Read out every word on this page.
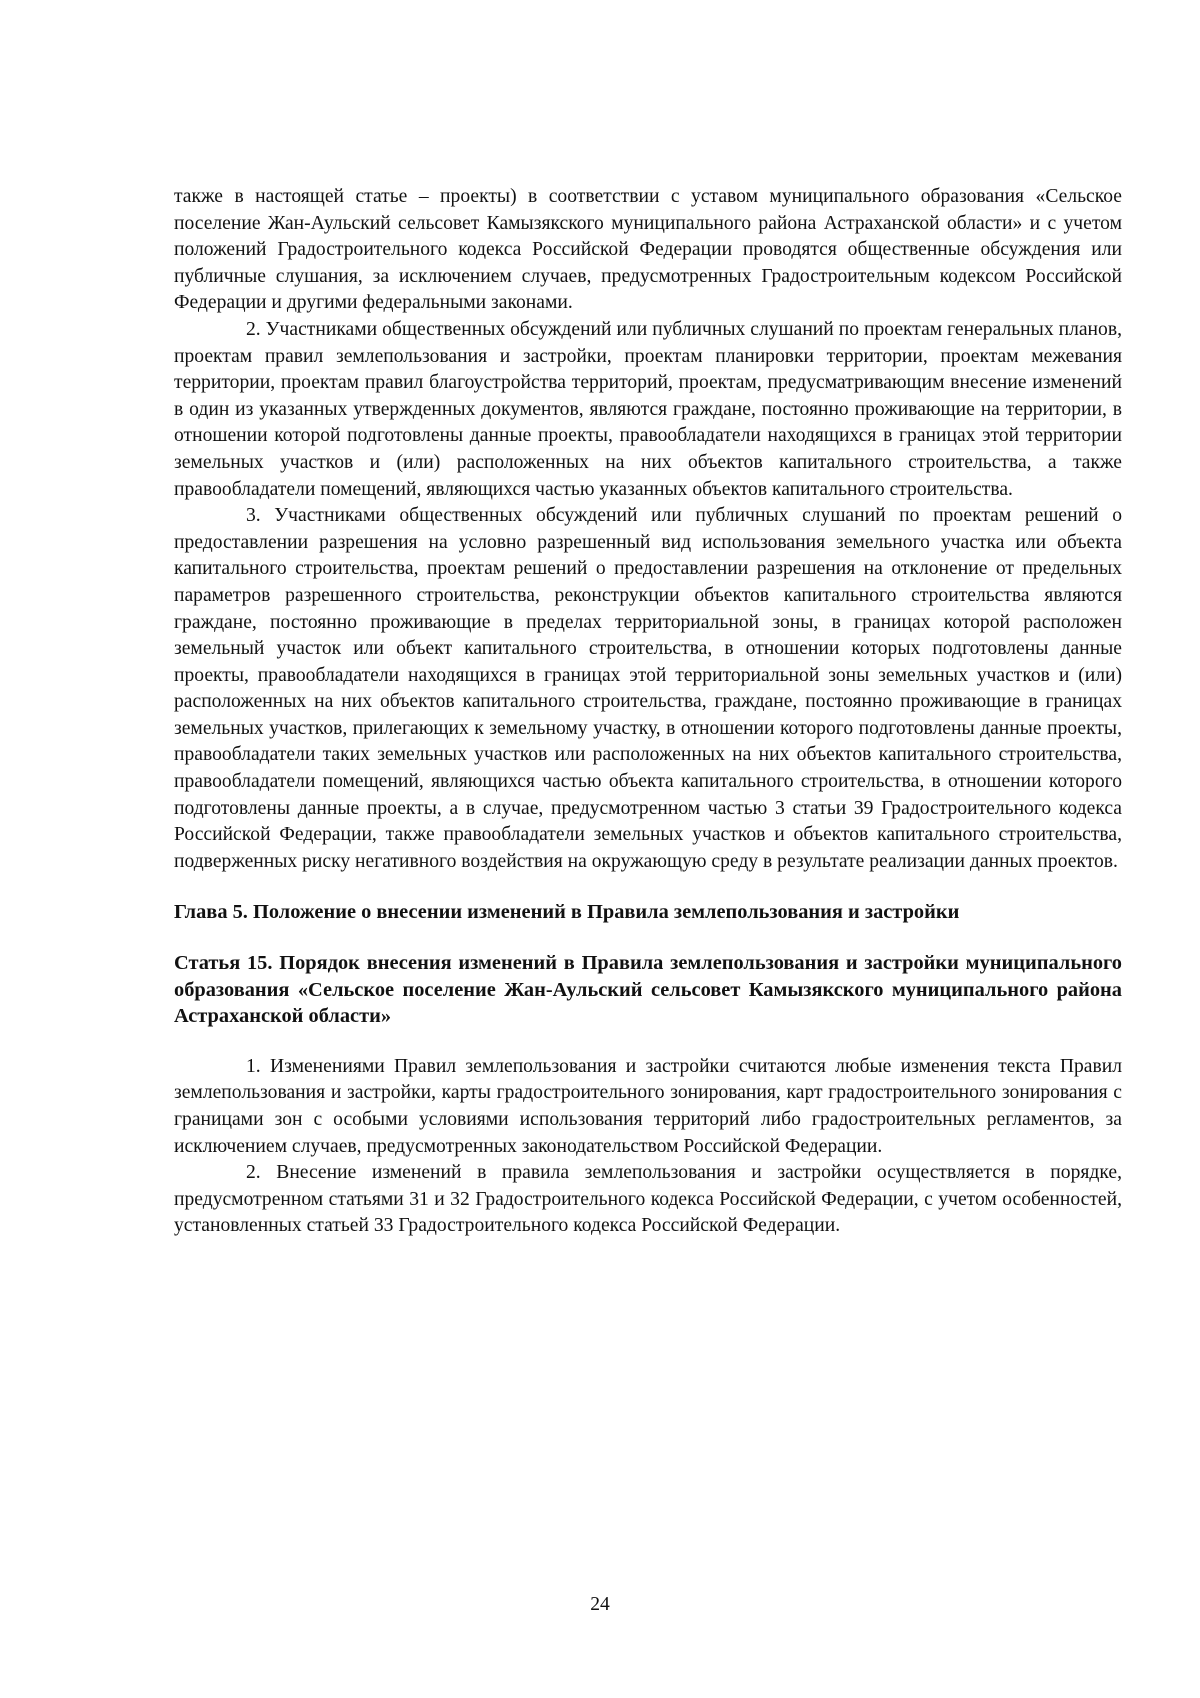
также в настоящей статье – проекты) в соответствии с уставом муниципального образования «Сельское поселение Жан-Аульский сельсовет Камызякского муниципального района Астраханской области» и с учетом положений Градостроительного кодекса Российской Федерации проводятся общественные обсуждения или публичные слушания, за исключением случаев, предусмотренных Градостроительным кодексом Российской Федерации и другими федеральными законами.

2. Участниками общественных обсуждений или публичных слушаний по проектам генеральных планов, проектам правил землепользования и застройки, проектам планировки территории, проектам межевания территории, проектам правил благоустройства территорий, проектам, предусматривающим внесение изменений в один из указанных утвержденных документов, являются граждане, постоянно проживающие на территории, в отношении которой подготовлены данные проекты, правообладатели находящихся в границах этой территории земельных участков и (или) расположенных на них объектов капитального строительства, а также правообладатели помещений, являющихся частью указанных объектов капитального строительства.

3. Участниками общественных обсуждений или публичных слушаний по проектам решений о предоставлении разрешения на условно разрешенный вид использования земельного участка или объекта капитального строительства, проектам решений о предоставлении разрешения на отклонение от предельных параметров разрешенного строительства, реконструкции объектов капитального строительства являются граждане, постоянно проживающие в пределах территориальной зоны, в границах которой расположен земельный участок или объект капитального строительства, в отношении которых подготовлены данные проекты, правообладатели находящихся в границах этой территориальной зоны земельных участков и (или) расположенных на них объектов капитального строительства, граждане, постоянно проживающие в границах земельных участков, прилегающих к земельному участку, в отношении которого подготовлены данные проекты, правообладатели таких земельных участков или расположенных на них объектов капитального строительства, правообладатели помещений, являющихся частью объекта капитального строительства, в отношении которого подготовлены данные проекты, а в случае, предусмотренном частью 3 статьи 39 Градостроительного кодекса Российской Федерации, также правообладатели земельных участков и объектов капитального строительства, подверженных риску негативного воздействия на окружающую среду в результате реализации данных проектов.

Глава 5. Положение о внесении изменений в Правила землепользования и застройки
Статья 15. Порядок внесения изменений в Правила землепользования и застройки муниципального образования «Сельское поселение Жан-Аульский сельсовет Камызякского муниципального района Астраханской области»

1. Изменениями Правил землепользования и застройки считаются любые изменения текста Правил землепользования и застройки, карты градостроительного зонирования, карт градостроительного зонирования с границами зон с особыми условиями использования территорий либо градостроительных регламентов, за исключением случаев, предусмотренных законодательством Российской Федерации.

2. Внесение изменений в правила землепользования и застройки осуществляется в порядке, предусмотренном статьями 31 и 32 Градостроительного кодекса Российской Федерации, с учетом особенностей, установленных статьей 33 Градостроительного кодекса Российской Федерации.

24
